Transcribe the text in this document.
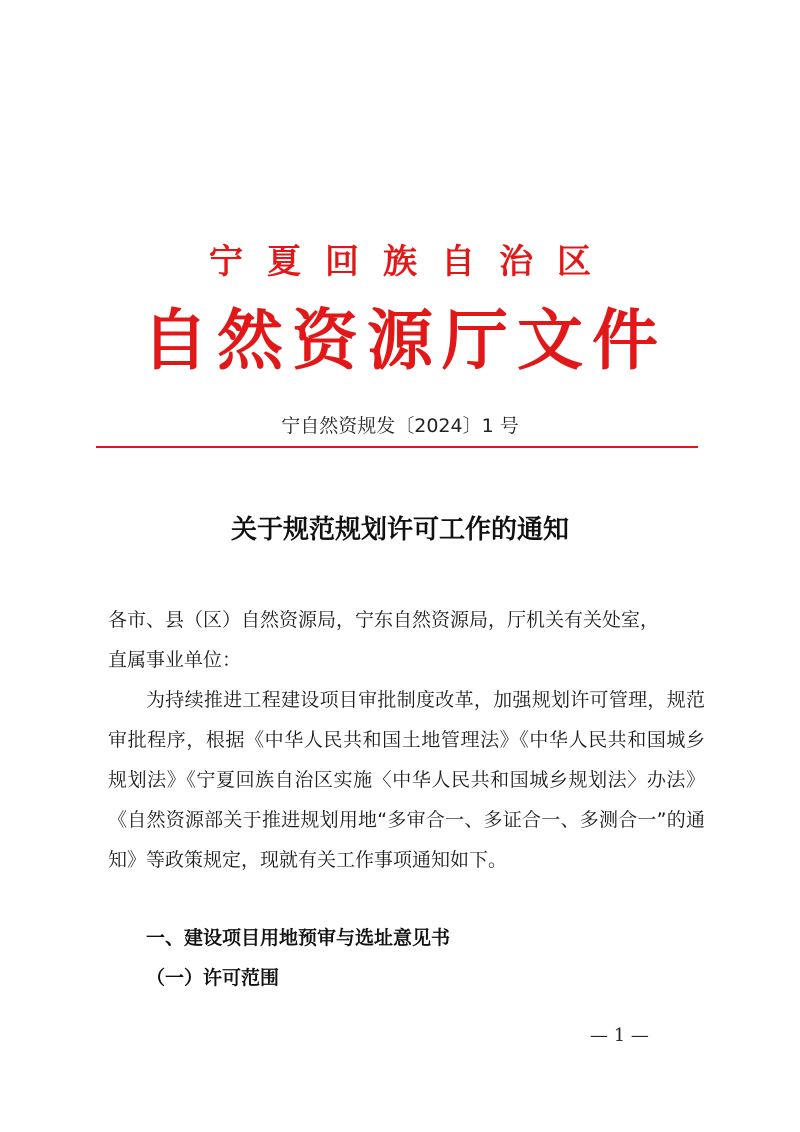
宁夏回族自治区
自然资源厅文件
宁自然资规发〔2024〕1 号
关于规范规划许可工作的通知

各市、县（区）自然资源局，宁东自然资源局，厅机关有关处室，

直属事业单位：

为持续推进工程建设项目审批制度改革，加强规划许可管理，规范审批程序，根据《中华人民共和国土地管理法》《中华人民共和国城乡规划法》《宁夏回族自治区实施〈中华人民共和国城乡规划法〉办法》《自然资源部关于推进规划用地“多审合一、多证合一、多测合一”的通知》等政策规定，现就有关工作事项通知如下。

一、建设项目用地预审与选址意见书
（一）许可范围
— 1 —
